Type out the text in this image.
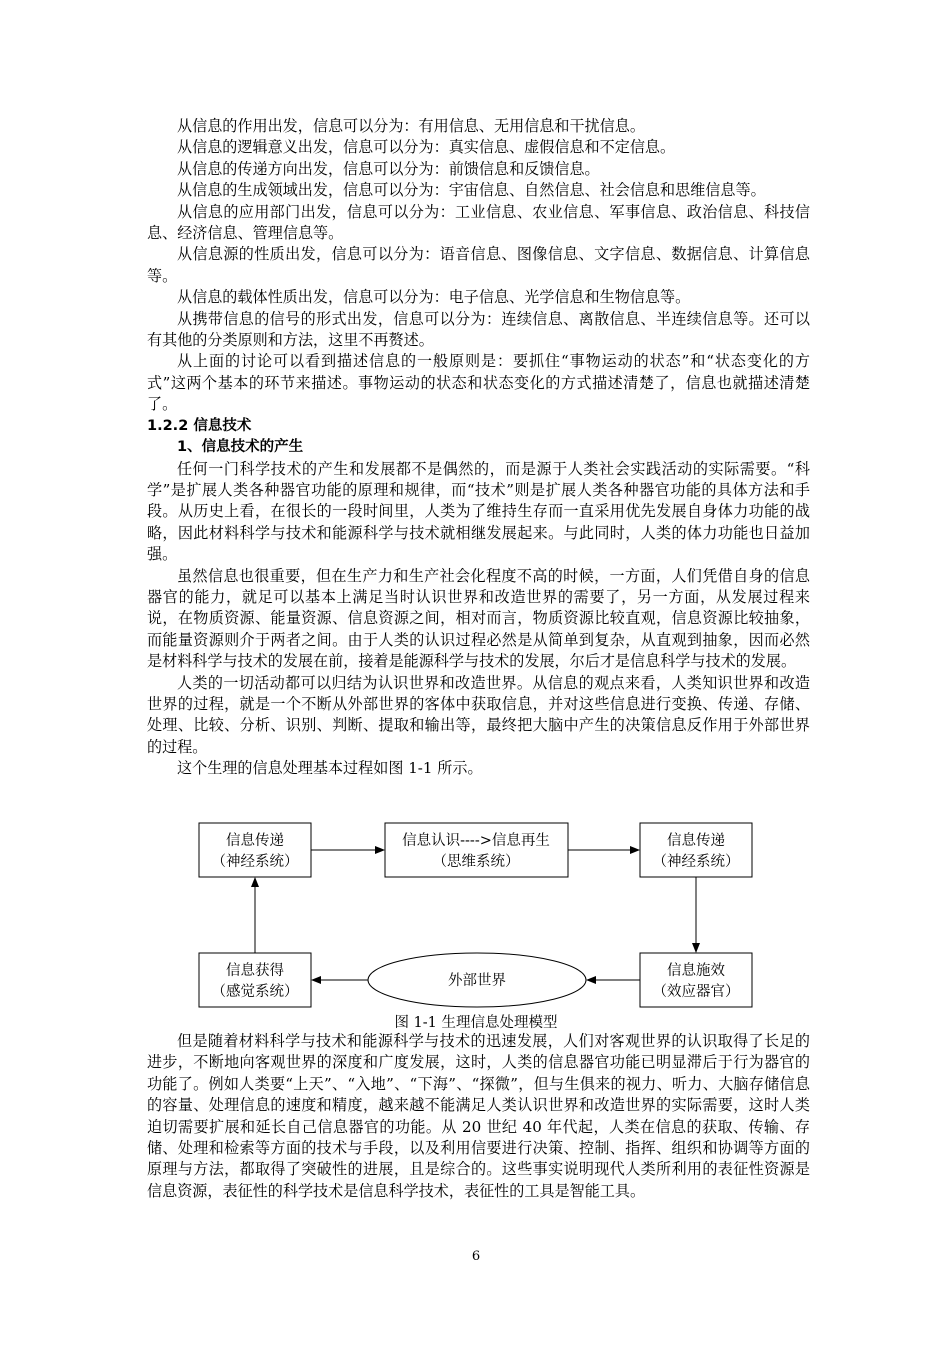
从信息的作用出发，信息可以分为：有用信息、无用信息和干扰信息。

从信息的逻辑意义出发，信息可以分为：真实信息、虚假信息和不定信息。

从信息的传递方向出发，信息可以分为：前馈信息和反馈信息。

从信息的生成领域出发，信息可以分为：宇宙信息、自然信息、社会信息和思维信息等。

从信息的应用部门出发，信息可以分为：工业信息、农业信息、军事信息、政治信息、科技信息、经济信息、管理信息等。

从信息源的性质出发，信息可以分为：语音信息、图像信息、文字信息、数据信息、计算信息等。

从信息的载体性质出发，信息可以分为：电子信息、光学信息和生物信息等。

从携带信息的信号的形式出发，信息可以分为：连续信息、离散信息、半连续信息等。还可以有其他的分类原则和方法，这里不再赘述。

从上面的讨论可以看到描述信息的一般原则是：要抓住“事物运动的状态”和“状态变化的方式”这两个基本的环节来描述。事物运动的状态和状态变化的方式描述清楚了，信息也就描述清楚了。

1.2.2 信息技术

1、信息技术的产生

任何一门科学技术的产生和发展都不是偶然的，而是源于人类社会实践活动的实际需要。“科学”是扩展人类各种器官功能的原理和规律，而“技术”则是扩展人类各种器官功能的具体方法和手段。从历史上看，在很长的一段时间里，人类为了维持生存而一直采用优先发展自身体力功能的战略，因此材料科学与技术和能源科学与技术就相继发展起来。与此同时，人类的体力功能也日益加强。

虽然信息也很重要，但在生产力和生产社会化程度不高的时候，一方面，人们凭借自身的信息器官的能力，就足可以基本上满足当时认识世界和改造世界的需要了，另一方面，从发展过程来说，在物质资源、能量资源、信息资源之间，相对而言，物质资源比较直观，信息资源比较抽象，而能量资源则介于两者之间。由于人类的认识过程必然是从简单到复杂，从直观到抽象，因而必然是材料科学与技术的发展在前，接着是能源科学与技术的发展，尔后才是信息科学与技术的发展。

人类的一切活动都可以归结为认识世界和改造世界。从信息的观点来看，人类知识世界和改造世界的过程，就是一个不断从外部世界的客体中获取信息，并对这些信息进行变换、传递、存储、处理、比较、分析、识别、判断、提取和输出等，最终把大脑中产生的决策信息反作用于外部世界的过程。

这个生理的信息处理基本过程如图 1-1 所示。

信息传递
（神经系统）
信息认识---->信息再生
（思维系统）
信息传递
（神经系统）
信息施效
（效应器官）
外部世界
信息获得
（感觉系统）
图 1-1 生理信息处理模型

但是随着材料科学与技术和能源科学与技术的迅速发展，人们对客观世界的认识取得了长足的进步，不断地向客观世界的深度和广度发展，这时，人类的信息器官功能已明显滞后于行为器官的功能了。例如人类要“上天”、“入地”、“下海”、“探微”，但与生俱来的视力、听力、大脑存储信息的容量、处理信息的速度和精度，越来越不能满足人类认识世界和改造世界的实际需要，这时人类迫切需要扩展和延长自己信息器官的功能。从 20 世纪 40 年代起，人类在信息的获取、传输、存储、处理和检索等方面的技术与手段，以及利用信要进行决策、控制、指挥、组织和协调等方面的原理与方法，都取得了突破性的进展，且是综合的。这些事实说明现代人类所利用的表征性资源是信息资源，表征性的科学技术是信息科学技术，表征性的工具是智能工具。

6
